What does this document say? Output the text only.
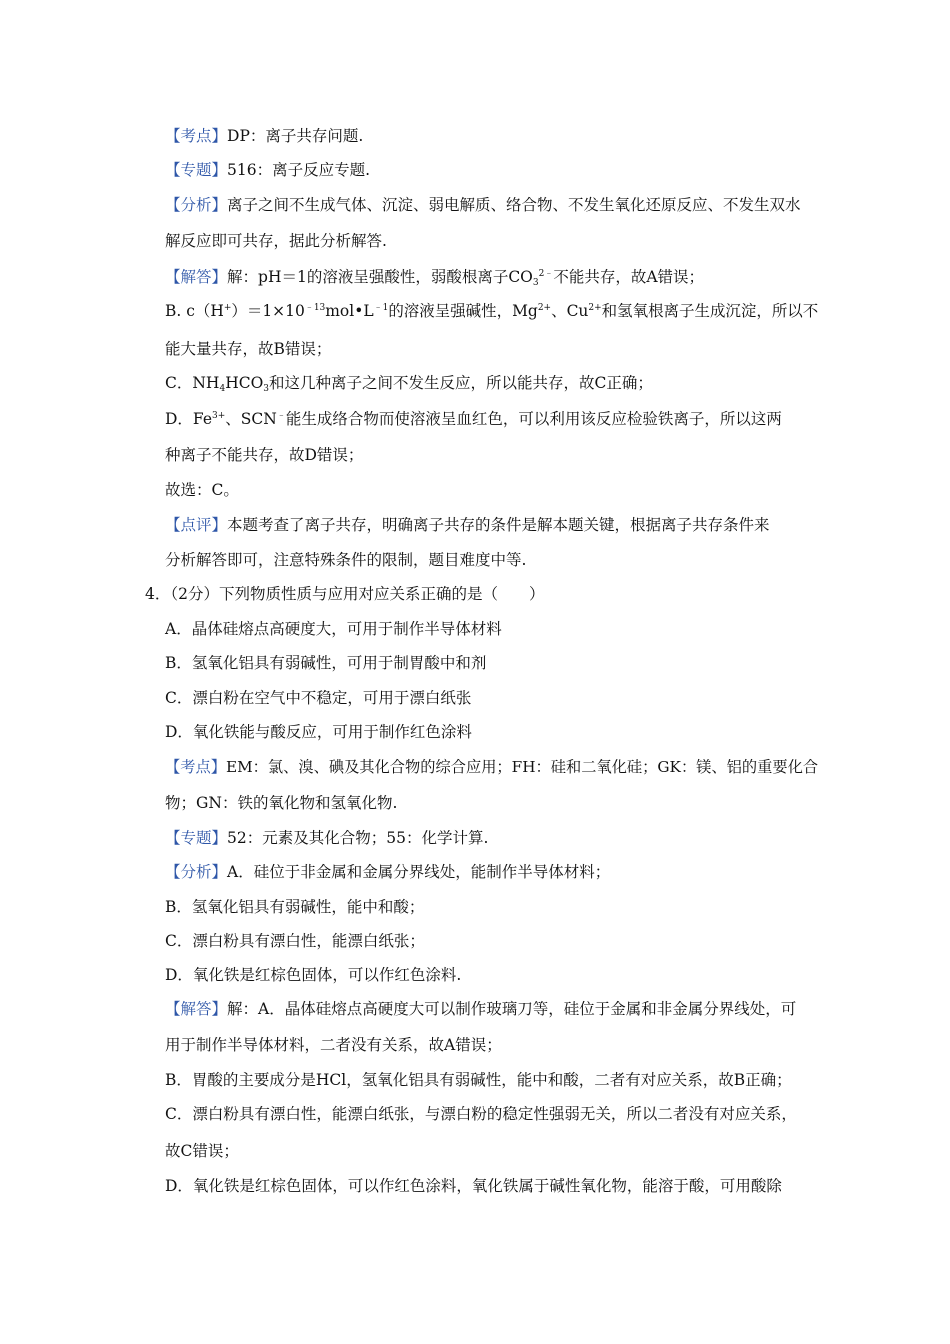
【考点】DP：离子共存问题.
【专题】516：离子反应专题.
【分析】离子之间不生成气体、沉淀、弱电解质、络合物、不发生氧化还原反应、不发生双水
解反应即可共存，据此分析解答.
【解答】解：pH＝1的溶液呈强酸性，弱酸根离子$CO_3^{2﹣}$不能共存，故A错误；
B. $c(H^+)=1\times 10^{﹣13}mol•L^{﹣1}$的溶液呈强碱性，$Mg^{2+}$、$Cu^{2+}$和氢氧根离子生成沉淀，所以不
能大量共存，故B错误；
C．$NH_4HCO_3$和这几种离子之间不发生反应，所以能共存，故C正确；
D．$Fe^{3+}$、SCN﹣能生成络合物而使溶液呈血红色，可以利用该反应检验铁离子，所以这两
种离子不能共存，故D错误；
故选：C。
【点评】本题考查了离子共存，明确离子共存的条件是解本题关键，根据离子共存条件来
分析解答即可，注意特殊条件的限制，题目难度中等.
4．（2分）下列物质性质与应用对应关系正确的是（　　）
A．晶体硅熔点高硬度大，可用于制作半导体材料
B．氢氧化铝具有弱碱性，可用于制胃酸中和剂
C．漂白粉在空气中不稳定，可用于漂白纸张
D．氧化铁能与酸反应，可用于制作红色涂料
【考点】EM：氯、溴、碘及其化合物的综合应用；FH：硅和二氧化硅；GK：镁、铝的重要化合
物；GN：铁的氧化物和氢氧化物.
【专题】52：元素及其化合物；55：化学计算.
【分析】A．硅位于非金属和金属分界线处，能制作半导体材料；
B．氢氧化铝具有弱碱性，能中和酸；
C．漂白粉具有漂白性，能漂白纸张；
D．氧化铁是红棕色固体，可以作红色涂料.
【解答】解：A．晶体硅熔点高硬度大可以制作玻璃刀等，硅位于金属和非金属分界线处，可
用于制作半导体材料，二者没有关系，故A错误；
B．胃酸的主要成分是HCl，氢氧化铝具有弱碱性，能中和酸，二者有对应关系，故B正确；
C．漂白粉具有漂白性，能漂白纸张，与漂白粉的稳定性强弱无关，所以二者没有对应关系，
故C错误；
D．氧化铁是红棕色固体，可以作红色涂料，氧化铁属于碱性氧化物，能溶于酸，可用酸除
